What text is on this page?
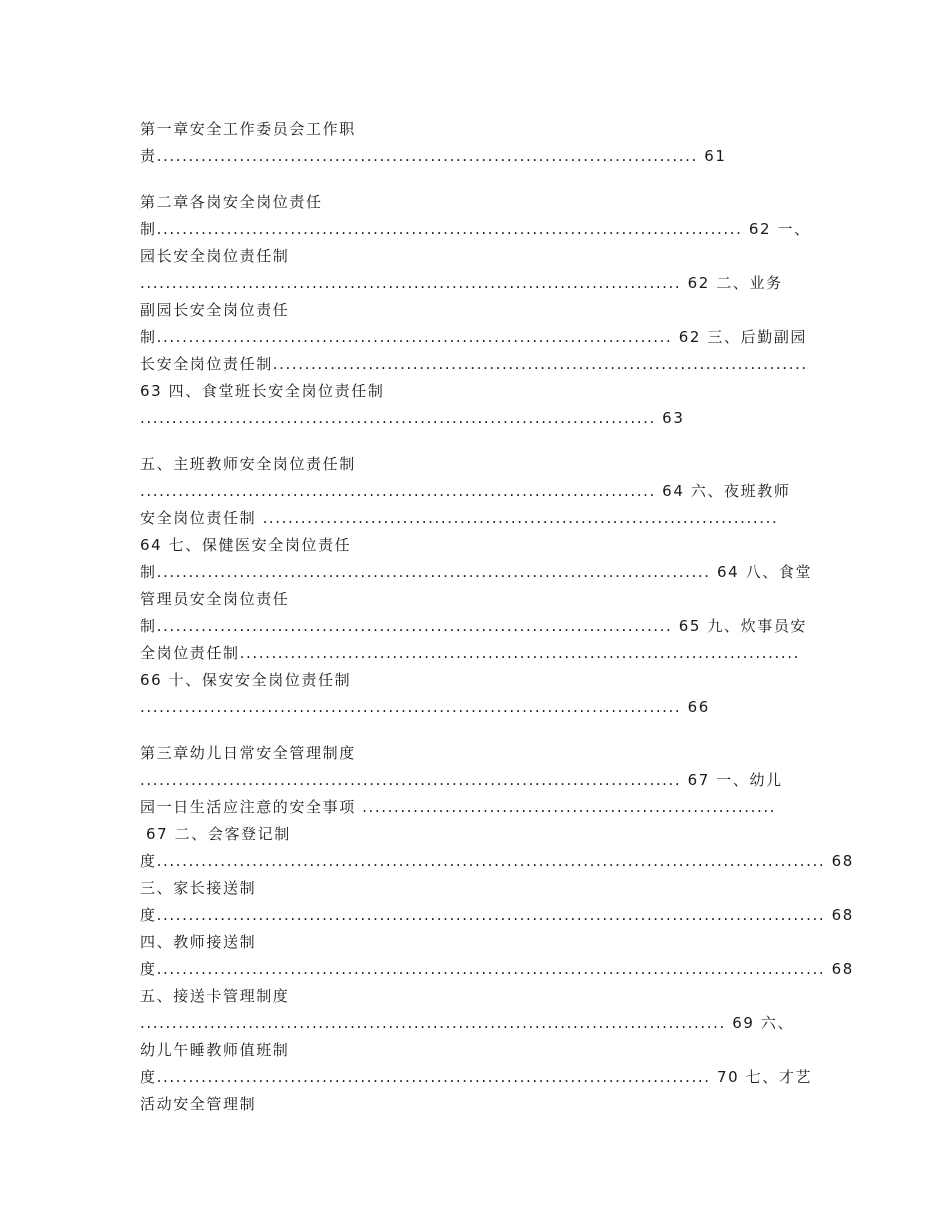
第一章安全工作委员会工作职
责..................................................................................... 61
第二章各岗安全岗位责任
制............................................................................................ 62 一、
园长安全岗位责任制
..................................................................................... 62 二、业务
副园长安全岗位责任
制................................................................................. 62 三、后勤副园
长安全岗位责任制....................................................................................
63 四、食堂班长安全岗位责任制
................................................................................. 63
五、主班教师安全岗位责任制
................................................................................. 64 六、夜班教师
安全岗位责任制 .................................................................................
64 七、保健医安全岗位责任
制....................................................................................... 64 八、食堂
管理员安全岗位责任
制................................................................................. 65 九、炊事员安
全岗位责任制........................................................................................
66 十、保安安全岗位责任制
..................................................................................... 66
第三章幼儿日常安全管理制度
..................................................................................... 67 一、幼儿
园一日生活应注意的安全事项 .................................................................
67 二、会客登记制
度......................................................................................................... 68
三、家长接送制
度......................................................................................................... 68
四、教师接送制
度......................................................................................................... 68
五、接送卡管理制度
............................................................................................ 69 六、
幼儿午睡教师值班制
度....................................................................................... 70 七、才艺
活动安全管理制
